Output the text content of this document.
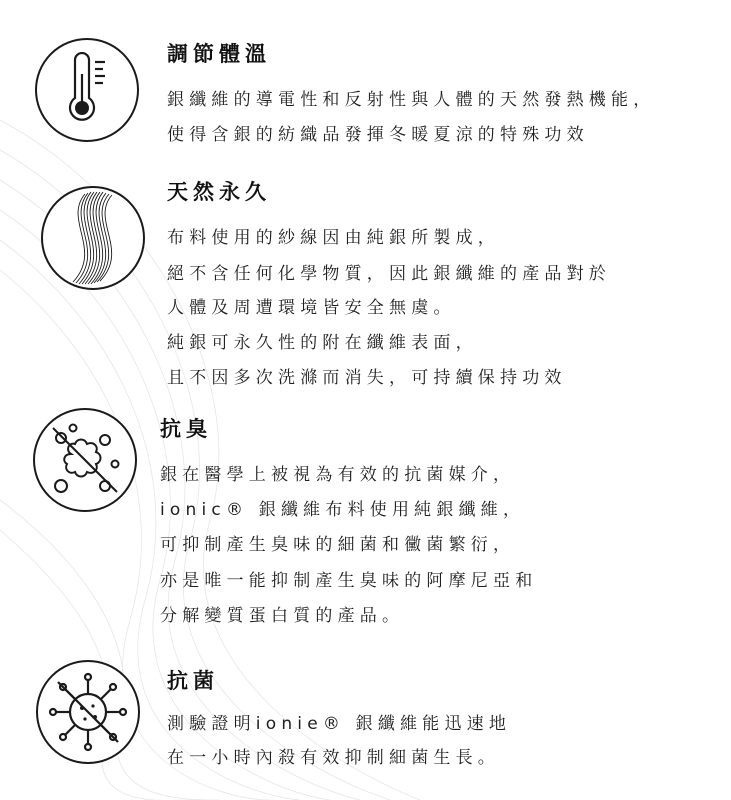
調節體溫
銀纖維的導電性和反射性與人體的天然發熱機能，
使得含銀的紡織品發揮冬暖夏涼的特殊功效
天然永久
布料使用的紗線因由純銀所製成，
絕不含任何化學物質，因此銀纖維的產品對於
人體及周遭環境皆安全無虞。
純銀可永久性的附在纖維表面，
且不因多次洗滌而消失，可持續保持功效
抗臭
銀在醫學上被視為有效的抗菌媒介，
ionic® 銀纖維布料使用純銀纖維，
可抑制產生臭味的細菌和黴菌繁衍，
亦是唯一能抑制產生臭味的阿摩尼亞和
分解變質蛋白質的產品。
抗菌
測驗證明ionie® 銀纖維能迅速地
在一小時內殺有效抑制細菌生長。
